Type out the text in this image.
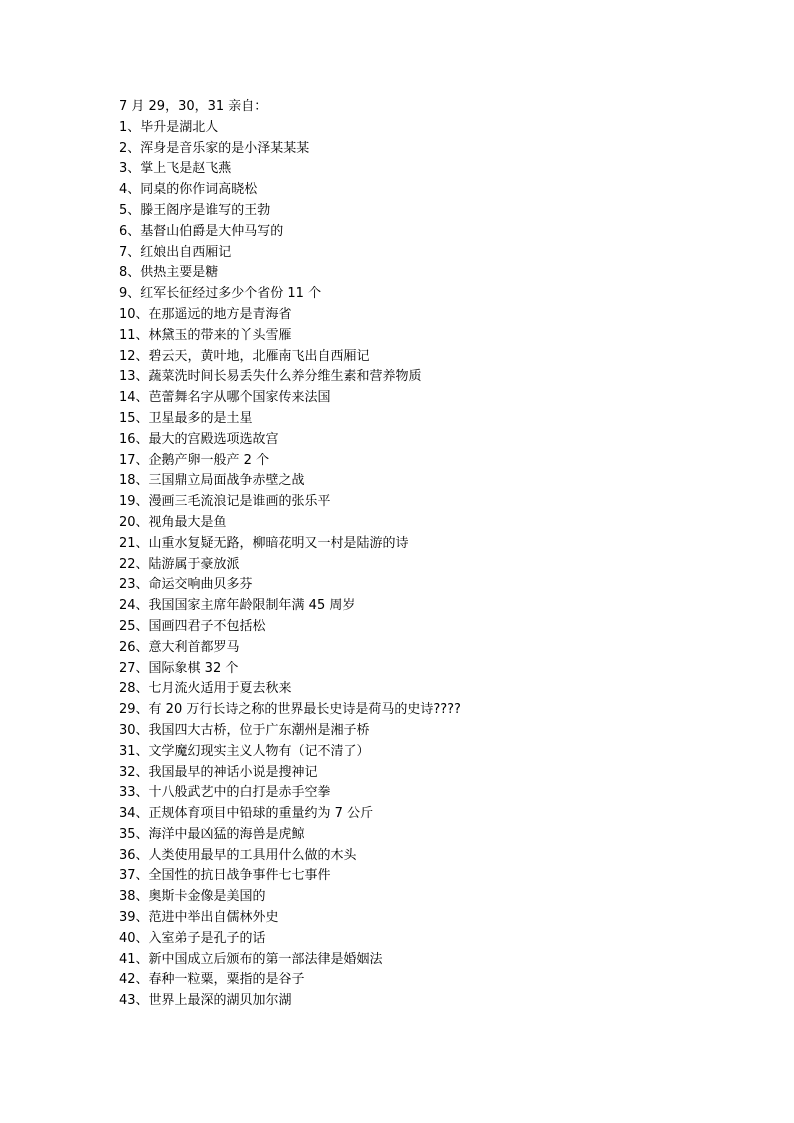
7 月 29，30，31 亲自：
1、毕升是湖北人
2、浑身是音乐家的是小泽某某某
3、掌上飞是赵飞燕
4、同桌的你作词高晓松
5、滕王阁序是谁写的王勃
6、基督山伯爵是大仲马写的
7、红娘出自西厢记
8、供热主要是糖
9、红军长征经过多少个省份 11 个
10、在那遥远的地方是青海省
11、林黛玉的带来的丫头雪雁
12、碧云天，黄叶地，北雁南飞出自西厢记
13、蔬菜洗时间长易丢失什么养分维生素和营养物质
14、芭蕾舞名字从哪个国家传来法国
15、卫星最多的是土星
16、最大的宫殿选项选故宫
17、企鹅产卵一般产 2 个
18、三国鼎立局面战争赤壁之战
19、漫画三毛流浪记是谁画的张乐平
20、视角最大是鱼
21、山重水复疑无路，柳暗花明又一村是陆游的诗
22、陆游属于豪放派
23、命运交响曲贝多芬
24、我国国家主席年龄限制年满 45 周岁
25、国画四君子不包括松
26、意大利首都罗马
27、国际象棋 32 个
28、七月流火适用于夏去秋来
29、有 20 万行长诗之称的世界最长史诗是荷马的史诗????
30、我国四大古桥，位于广东潮州是湘子桥
31、文学魔幻现实主义人物有（记不清了）
32、我国最早的神话小说是搜神记
33、十八般武艺中的白打是赤手空拳
34、正规体育项目中铅球的重量约为 7 公斤
35、海洋中最凶猛的海兽是虎鲸
36、人类使用最早的工具用什么做的木头
37、全国性的抗日战争事件七七事件
38、奥斯卡金像是美国的
39、范进中举出自儒林外史
40、入室弟子是孔子的话
41、新中国成立后颁布的第一部法律是婚姻法
42、春种一粒粟，粟指的是谷子
43、世界上最深的湖贝加尔湖
